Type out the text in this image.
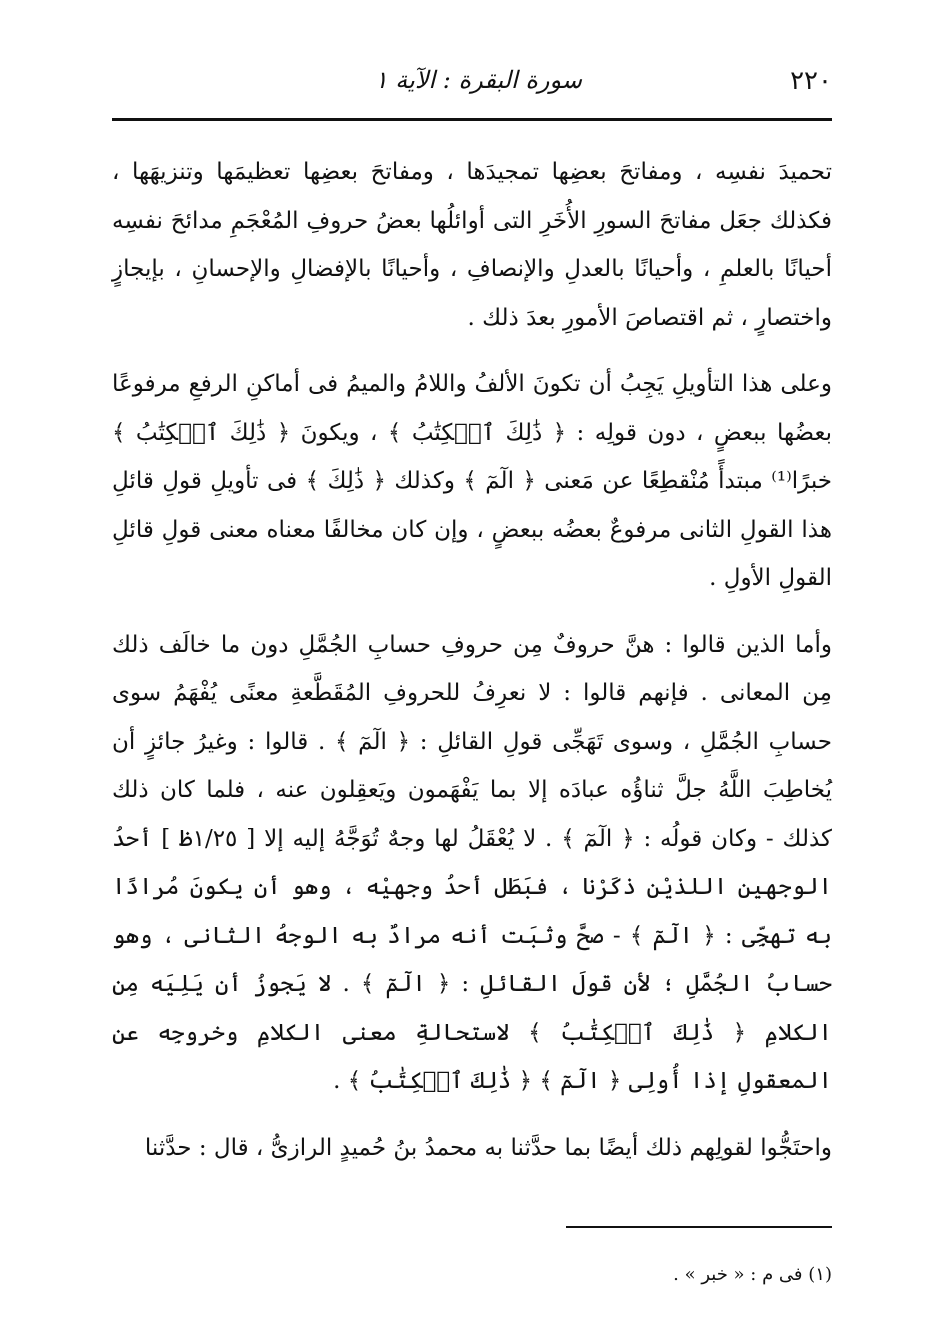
٢٢٠
سورة البقرة : الآية ١

تحميدَ نفسِه ، ومفاتحَ بعضِها تمجيدَها ، ومفاتحَ بعضِها تعظيمَها وتنزيهَها ، فكذلك جعَل مفاتحَ السورِ الأُخَرِ التى أوائلُها بعضُ حروفِ المُعْجَمِ مدائحَ نفسِه أحيانًا بالعلمِ ، وأحيانًا بالعدلِ والإنصافِ ، وأحيانًا بالإفضالِ والإحسانِ ، بإيجازٍ واختصارٍ ، ثم اقتصاصَ الأمورِ بعدَ ذلك .

وعلى هذا التأويلِ يَجِبُ أن تكونَ الألفُ واللامُ والميمُ فى أماكنِ الرفعِ مرفوعًا بعضُها ببعضٍ ، دون قولِه : ﴿ ذَٰلِكَ ٱلۡكِتَٰبُ ﴾ ، ويكونَ ﴿ ذَٰلِكَ ٱلۡكِتَٰبُ ﴾ خبرًا⁽¹⁾ مبتدأً مُنْقطِعًا عن مَعنى ﴿ الٓمٓ ﴾ وكذلك ﴿ ذَٰلِكَ ﴾ فى تأويلِ قولِ قائلِ هذا القولِ الثانى مرفوعٌ بعضُه ببعضٍ ، وإن كان مخالفًا معناه معنى قولِ قائلِ القولِ الأولِ .

وأما الذين قالوا : هنَّ حروفٌ مِن حروفِ حسابِ الجُمَّلِ دون ما خالَف ذلك مِن المعانى . فإنهم قالوا : لا نعرِفُ للحروفِ المُقَطَّعةِ معنًى يُفْهَمُ سوى حسابِ الجُمَّلِ ، وسوى تَهَجِّى قولِ القائلِ : ﴿ الٓمٓ ﴾ . قالوا : وغيرُ جائزٍ أن يُخاطِبَ اللَّهُ جلَّ ثناؤُه عبادَه إلا بما يَفْهَمون ويَعقِلون عنه ، فلما كان ذلك كذلك - وكان قولُه : ﴿ الٓمٓ ﴾ . لا يُعْقَلُ لها وجهٌ تُوَجَّهُ إليه إلا [ ١/٢٥ظ ] أحدُ الوجهين اللذيْن ذكَرْنا ، فبَطَل أحدُ وجهيْه ، وهو أن يكونَ مُرادًا به تهجِّى : ﴿ الٓمٓ ﴾ - صحَّ وثبَت أنه مرادٌ به الوجهُ الثانى ، وهو حسابُ الجُمَّلِ ؛ لأن قولَ القائلِ : ﴿ الٓمٓ ﴾ . لا يَجوزُ أن يَلِيَه مِن الكلامِ ﴿ ذَٰلِكَ ٱلۡكِتَٰبُ ﴾ لاستحالةِ معنى الكلامِ وخروجِه عن المعقولِ إذا أُولِى ﴿ الٓمٓ ﴾ ﴿ ذَٰلِكَ ٱلۡكِتَٰبُ ﴾ .

واحتَجُّوا لقولِهم ذلك أيضًا بما حدَّثنا به محمدُ بنُ حُميدٍ الرازىُّ ، قال : حدَّثنا

(١) فى م : « خبر » .
